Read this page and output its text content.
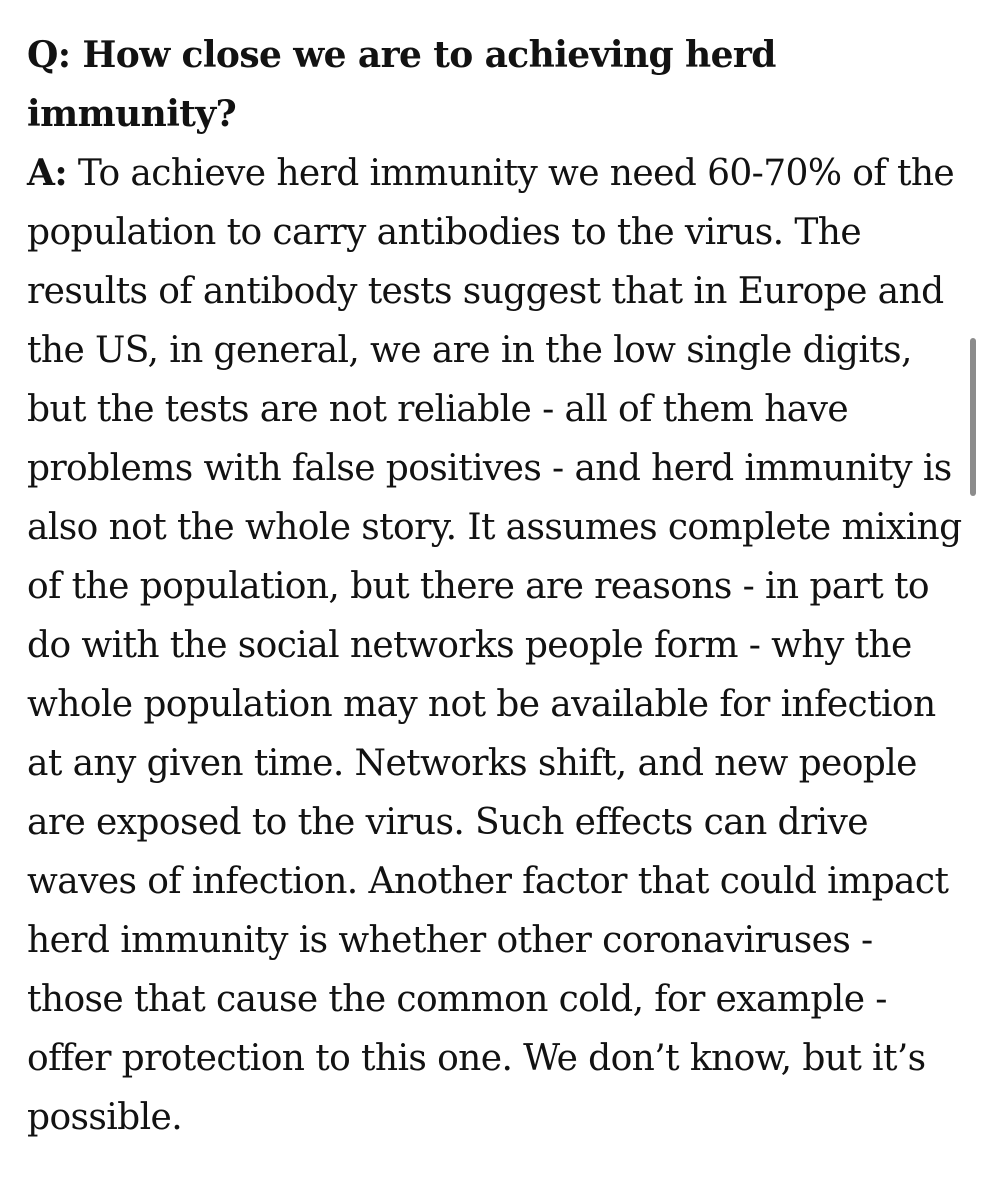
Q: How close we are to achieving herd immunity?

A: To achieve herd immunity we need 60-70% of the population to carry antibodies to the virus. The results of antibody tests suggest that in Europe and the US, in general, we are in the low single digits, but the tests are not reliable - all of them have problems with false positives - and herd immunity is also not the whole story. It assumes complete mixing of the population, but there are reasons - in part to do with the social networks people form - why the whole population may not be available for infection at any given time. Networks shift, and new people are exposed to the virus. Such effects can drive waves of infection. Another factor that could impact herd immunity is whether other coronaviruses - those that cause the common cold, for example - offer protection to this one. We don’t know, but it’s possible.
